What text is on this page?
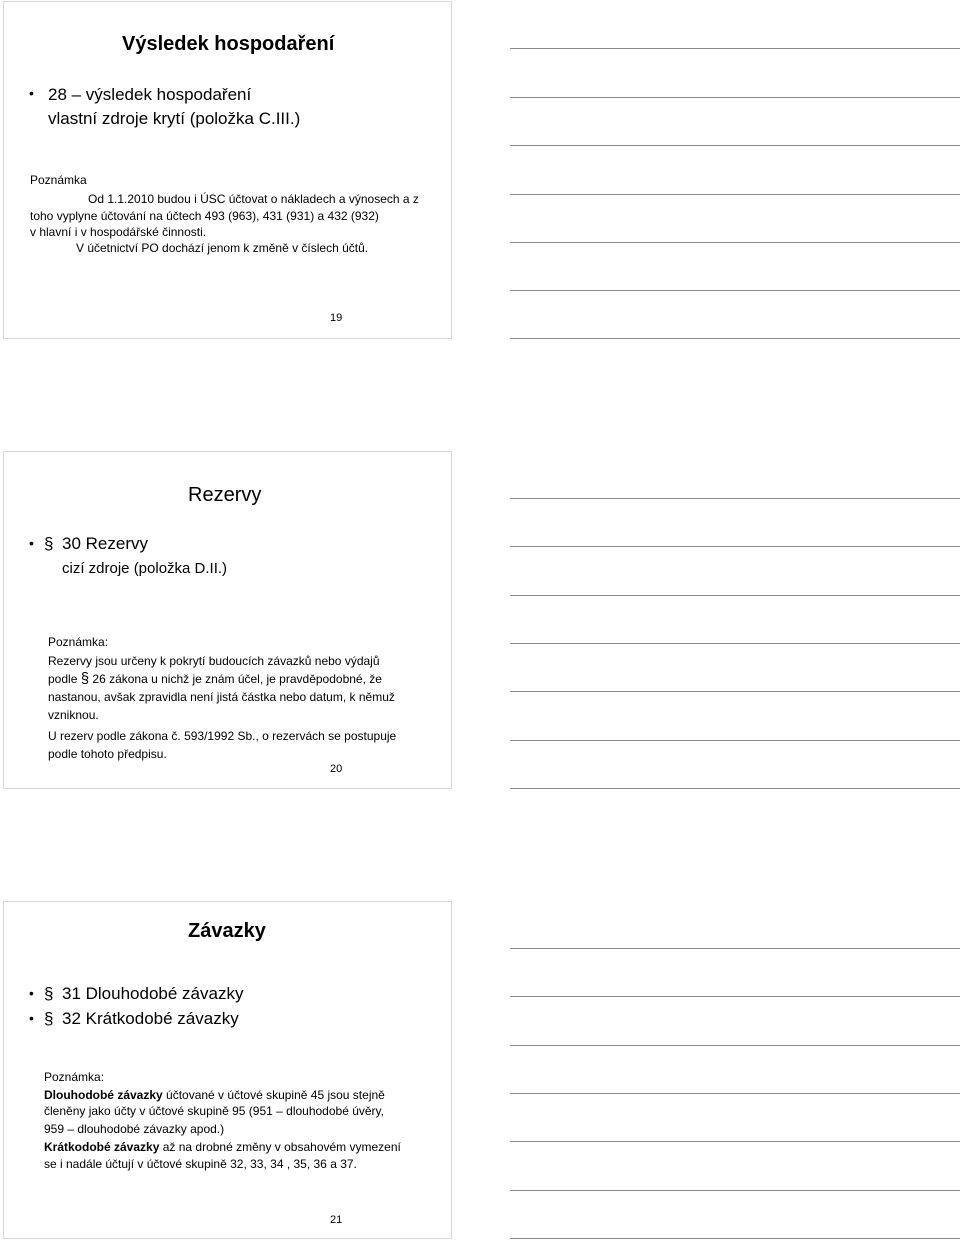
Výsledek hospodaření
• 28 – výsledek hospodaření
vlastní zdroje krytí (položka C.III.)
Poznámka
Od 1.1.2010 budou i ÚSC účtovat o nákladech a výnosech a z
toho vyplyne účtování na účtech 493 (963), 431 (931) a 432 (932)
v hlavní i v hospodářské činnosti.
V účetnictví PO dochází jenom k změně v číslech účtů.
19
Rezervy
• § 30 Rezervy
cizí zdroje (položka D.II.)
Poznámka:
Rezervy jsou určeny k pokrytí budoucích závazků nebo výdajů
podle § 26 zákona u nichž je znám účel, je pravděpodobné, že
nastanou, avšak zpravidla není jistá částka nebo datum, k němuž
vzniknou.
U rezerv podle zákona č. 593/1992 Sb., o rezervách se postupuje
podle tohoto předpisu.
20
Závazky
• § 31 Dlouhodobé závazky
• § 32 Krátkodobé závazky
Poznámka:
Dlouhodobé závazky účtované v účtové skupině 45 jsou stejně
členěny jako účty v účtové skupině 95 (951 – dlouhodobé úvěry,
959 – dlouhodobé závazky apod.)
Krátkodobé závazky až na drobné změny v obsahovém vymezení
se i nadále účtují v účtové skupině 32, 33, 34 , 35, 36 a 37.
21
